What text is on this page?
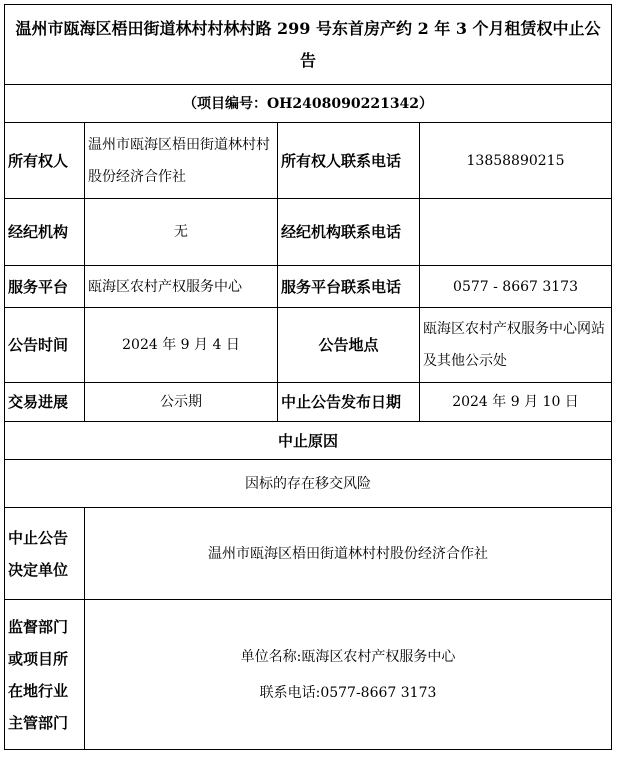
温州市瓯海区梧田街道林村村林村路 299 号东首房产约 2 年 3 个月租赁权中止公告			
（项目编号：OH2408090221342）			
所有权人	温州市瓯海区梧田街道林村村股份经济合作社	所有权人联系电话	13858890215
经纪机构	无	经纪机构联系电话	
服务平台	瓯海区农村产权服务中心	服务平台联系电话	0577 - 8667 3173
公告时间	2024 年 9 月 4 日	公告地点	瓯海区农村产权服务中心网站及其他公示处
交易进展	公示期	中止公告发布日期	2024 年 9 月 10 日
中止原因			
因标的存在移交风险			
中止公告决定单位	温州市瓯海区梧田街道林村村股份经济合作社		
监督部门或项目所在地行业主管部门	单位名称:瓯海区农村产权服务中心
联系电话:0577-8667 3173		
